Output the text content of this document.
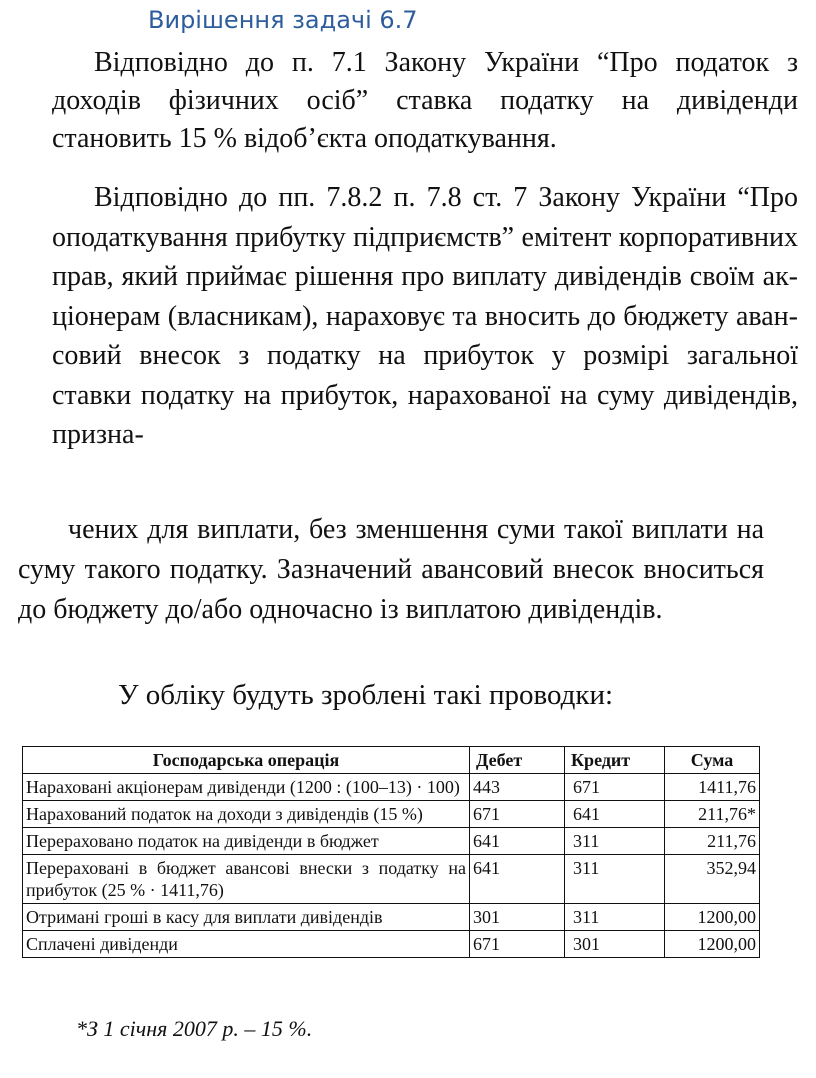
Вирішення задачі 6.7

Відповідно до п. 7.1 Закону України “Про податок з доходів фізичних осіб” ставка податку на дивіденди становить 15 % відоб’єкта оподаткування.

Відповідно до пп. 7.8.2 п. 7.8 ст. 7 Закону України “Про оподаткування прибутку підприємств” емітент корпоративних прав, який приймає рішення про виплату дивідендів своїм ак- ціонерам (власникам), нараховує та вносить до бюджету аван- совий внесок з податку на прибуток у розмірі загальної ставки податку на прибуток, нарахованої на суму дивідендів, призна-

чених для виплати, без зменшення суми такої виплати на суму такого податку. Зазначений авансовий внесок вноситься до бюджету до/або одночасно із виплатою дивідендів.

У обліку будуть зроблені такі проводки:

Господарська операція	Дебет	Кредит	Сума
Нараховані акціонерам дивіденди (1200 : (100–13) · 100)	443	671	1411,76
Нарахований податок на доходи з дивідендів (15 %)	671	641	211,76*
Перераховано податок на дивіденди в бюджет	641	311	211,76
Перераховані в бюджет авансові внески з податку на прибуток (25 % · 1411,76)	641	311	352,94
Отримані гроші в касу для виплати дивідендів	301	311	1200,00
Сплачені дивіденди	671	301	1200,00

*З 1 січня 2007 р. – 15 %.
